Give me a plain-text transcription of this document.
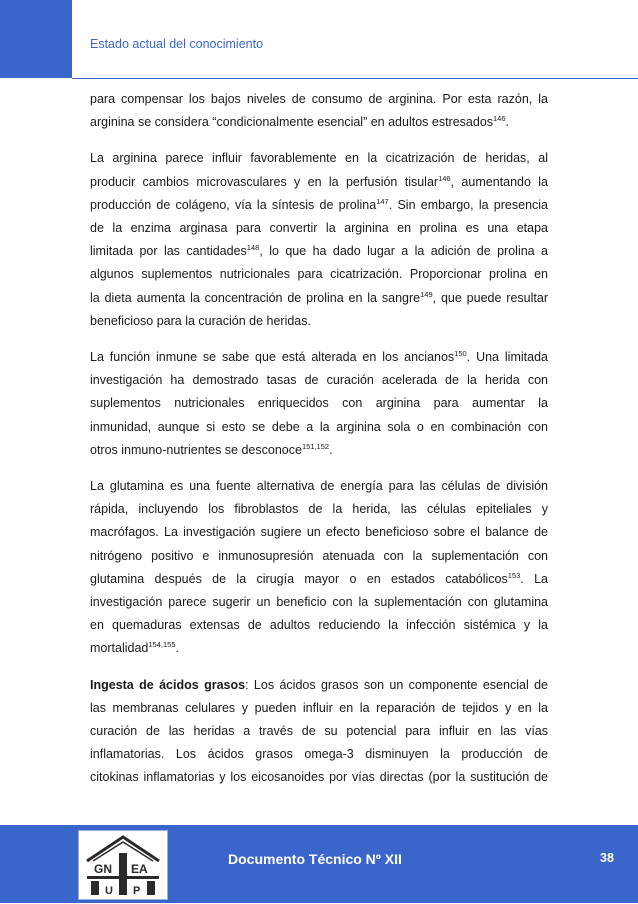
Estado actual del conocimiento

para compensar los bajos niveles de consumo de arginina. Por esta razón, la
arginina se considera “condicionalmente esencial” en adultos estresados$^{146}$.

La arginina parece influir favorablemente en la cicatrización de heridas, al
producir cambios microvasculares y en la perfusión tisular$^{146}$, aumentando la
producción de colágeno, vía la síntesis de prolina$^{147}$. Sin embargo, la presencia
de la enzima arginasa para convertir la arginina en prolina es una etapa
limitada por las cantidades$^{148}$, lo que ha dado lugar a la adición de prolina a
algunos suplementos nutricionales para cicatrización. Proporcionar prolina en
la dieta aumenta la concentración de prolina en la sangre$^{149}$, que puede resultar
beneficioso para la curación de heridas.

La función inmune se sabe que está alterada en los ancianos$^{150}$. Una limitada
investigación ha demostrado tasas de curación acelerada de la herida con
suplementos nutricionales enriquecidos con arginina para aumentar la
inmunidad, aunque si esto se debe a la arginina sola o en combinación con
otros inmuno-nutrientes se desconoce$^{151,152}$.

La glutamina es una fuente alternativa de energía para las células de división
rápida, incluyendo los fibroblastos de la herida, las células epiteliales y
macrófagos. La investigación sugiere un efecto beneficioso sobre el balance de
nitrógeno positivo e inmunosupresión atenuada con la suplementación con
glutamina después de la cirugía mayor o en estados catabólicos$^{153}$. La
investigación parece sugerir un beneficio con la suplementación con glutamina
en quemaduras extensas de adultos reduciendo la infección sistémica y la
mortalidad$^{154,155}$.

Ingesta de ácidos grasos: Los ácidos grasos son un componente esencial de
las membranas celulares y pueden influir en la reparación de tejidos y en la
curación de las heridas a través de su potencial para influir en las vías
inflamatorias. Los ácidos grasos omega-3 disminuyen la producción de
citokinas inflamatorias y los eicosanoides por vías directas (por la sustitución de

GN EA
U P
Documento Técnico Nº XII	38
